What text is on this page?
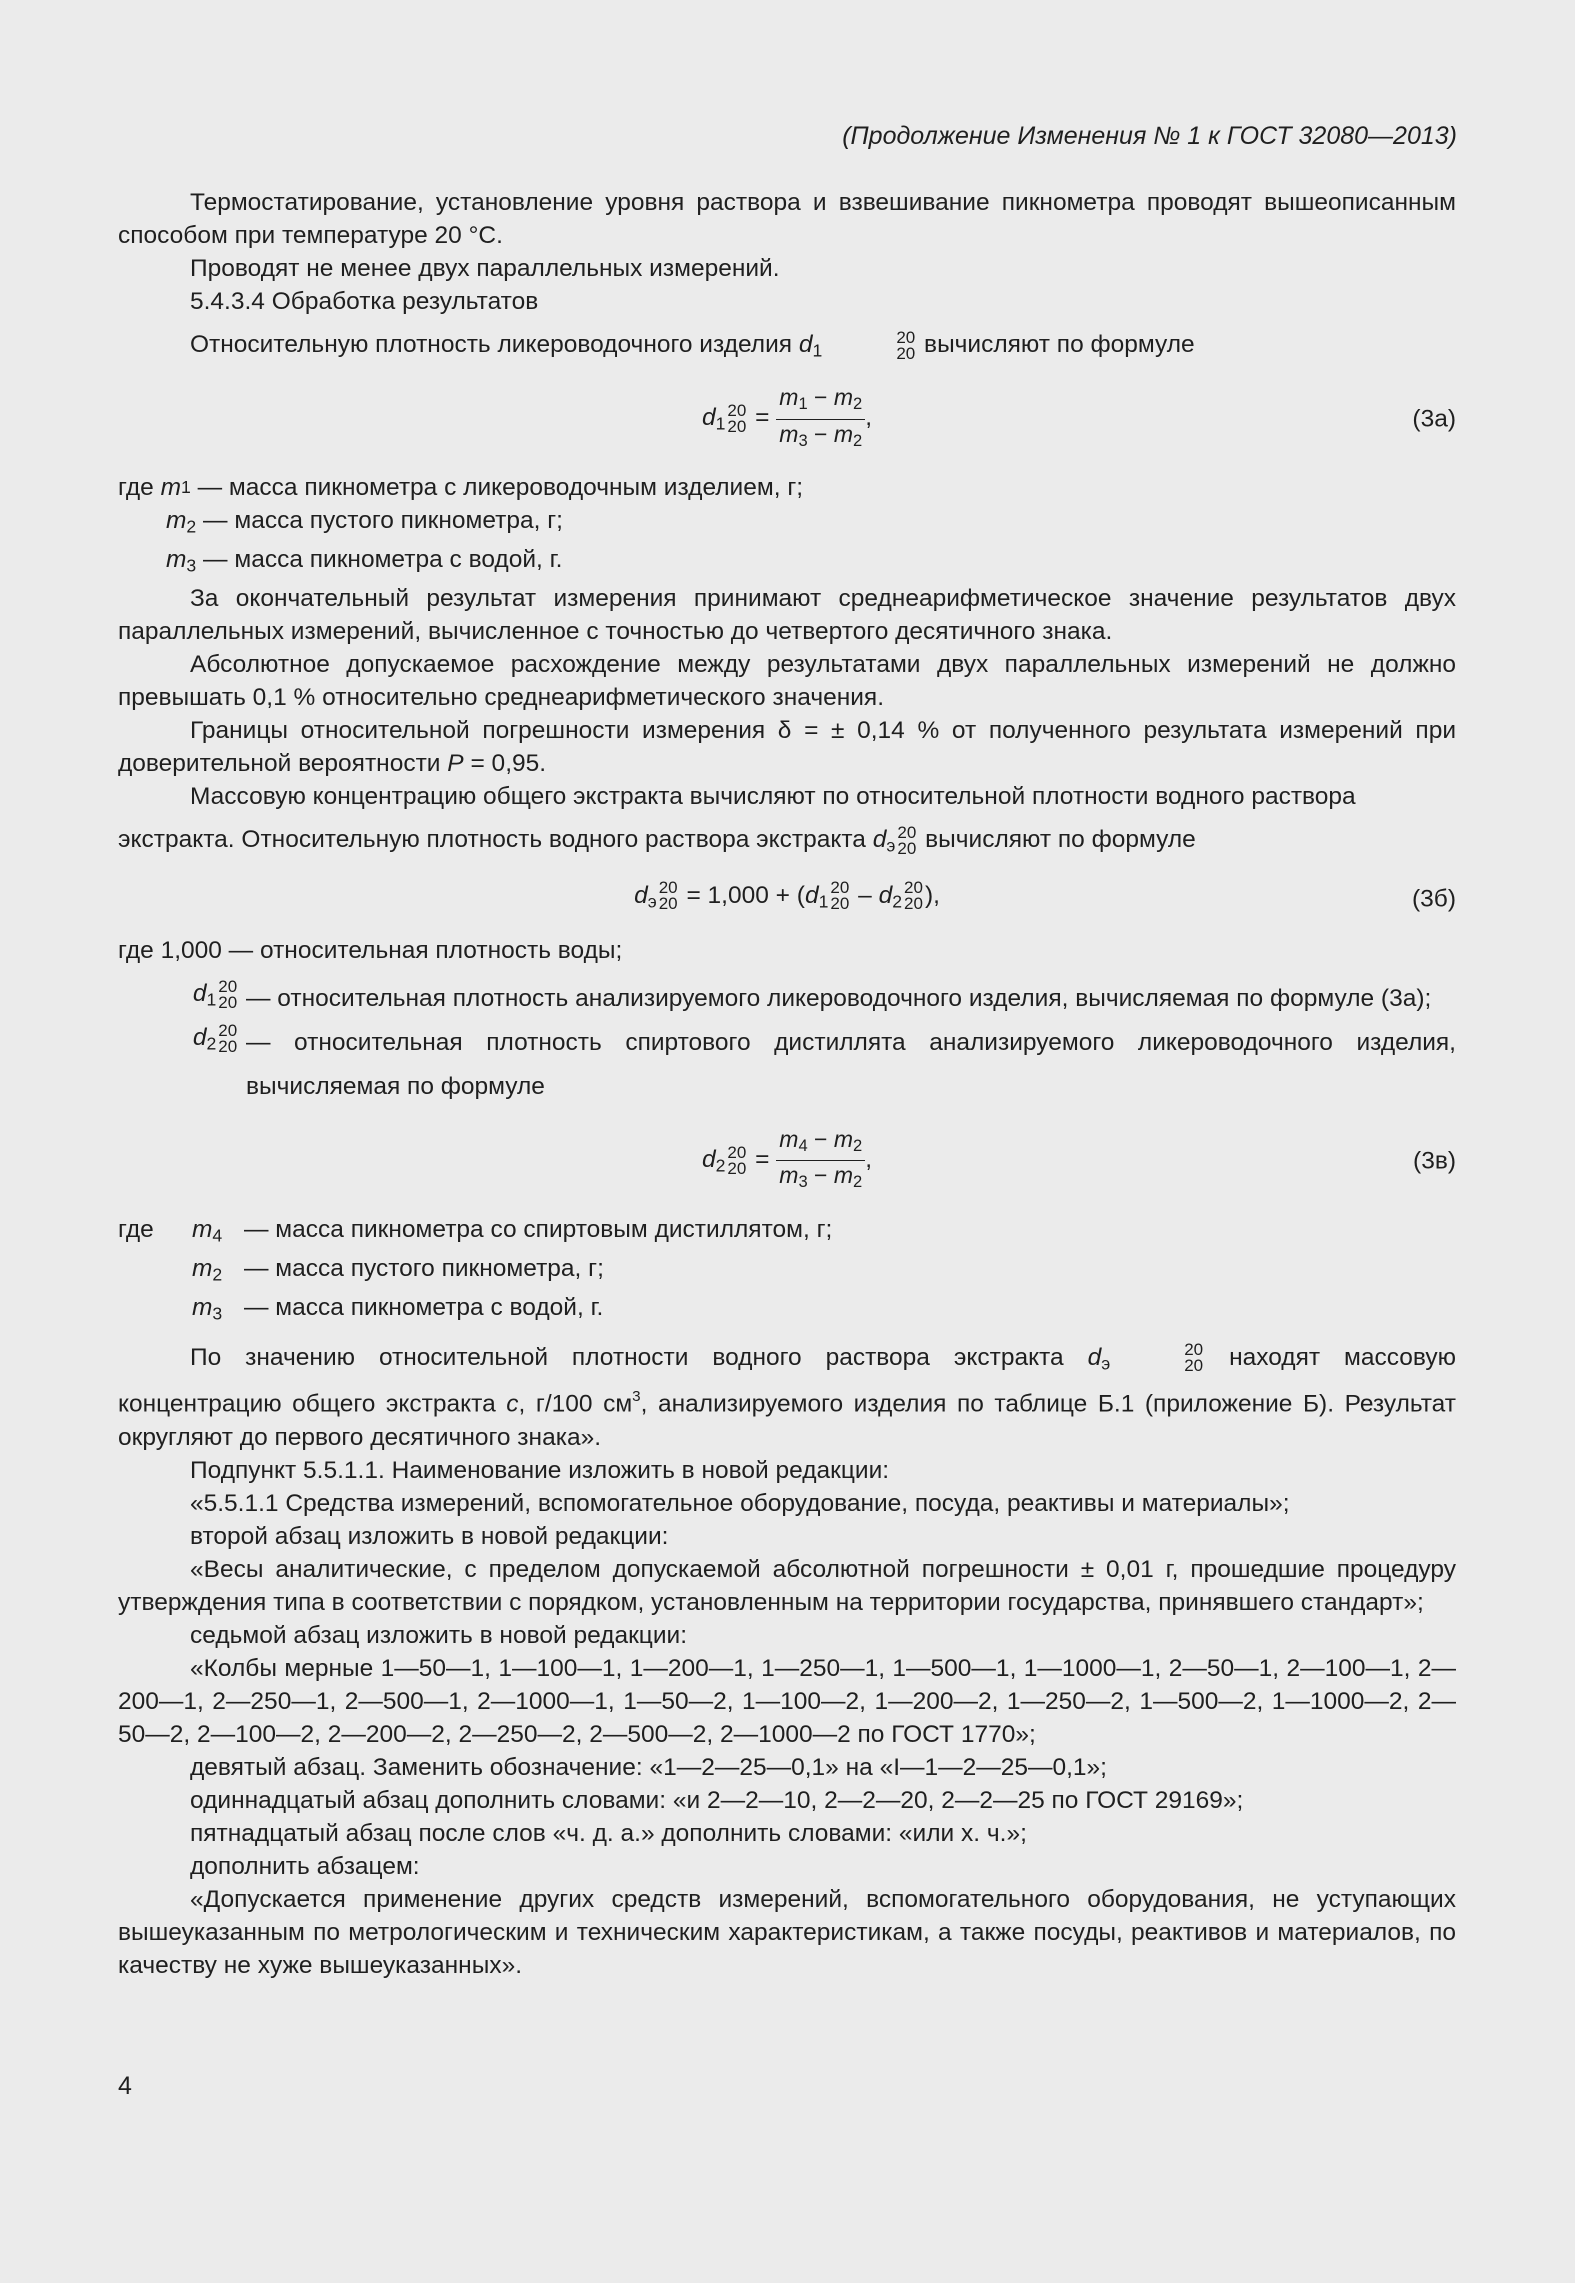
(Продолжение Изменения № 1 к ГОСТ 32080—2013)

Термостатирование, установление уровня раствора и взвешивание пикнометра проводят вышеописанным способом при температуре 20 °С.

Проводят не менее двух параллельных измерений.

5.4.3.4 Обработка результатов

Относительную плотность ликероводочного изделия $d_1$
20
20 вычисляют по формуле

$d_1$
20
$20 = \frac{m_1 - m_2}{m_3 - m_2}$ ,	(3а)
где
m 1
— масса пикнометра с ликероводочным изделием, г;
$m_2$ — масса пустого пикнометра, г;
$m_3$ — масса пикнометра с водой, г.

За окончательный результат измерения принимают среднеарифметическое значение результатов двух параллельных измерений, вычисленное с точностью до четвертого десятичного знака.

Абсолютное допускаемое расхождение между результатами двух параллельных измерений не должно превышать 0,1 % относительно среднеарифметического значения.

Границы относительной погрешности измерения δ = ± 0,14 % от полученного результата измерений при доверительной вероятности P = 0,95.

Массовую концентрацию общего экстракта вычисляют по относительной плотности водного раствора

экстракта. Относительную плотность водного раствора экстракта $d_э$
20
20 вычисляют по формуле

$d_э$
20
$20 = 1,000 + (d_1$
20
$20 - d_2$
20
20 ),	(3б)

где 1,000 — относительная плотность воды;

$d_1$
20
20
— относительная плотность анализируемого ликероводочного изделия, вычисляемая по формуле (3а);
$d_2$
20
20
— относительная плотность спиртового дистиллята анализируемого ликероводочного изделия, вычисляемая по формуле
$d_2$
20
$20 = \frac{m_4 - m_2}{m_3 - m_2}$ ,	(3в)
где	$m_4$ — масса пикнометра со спиртовым дистиллятом, г;
$m_2$ — масса пустого пикнометра, г;
$m_3$ — масса пикнометра с водой, г.

По значению относительной плотности водного раствора экстракта $d_э$
20
20 находят массовую концентрацию общего экстракта c, г/100 $см^3$, анализируемого изделия по таблице Б.1 (приложение Б). Результат округляют до первого десятичного знака».

Подпункт 5.5.1.1. Наименование изложить в новой редакции:

«5.5.1.1 Средства измерений, вспомогательное оборудование, посуда, реактивы и материалы»;

второй абзац изложить в новой редакции:

«Весы аналитические, с пределом допускаемой абсолютной погрешности ± 0,01 г, прошедшие процедуру утверждения типа в соответствии с порядком, установленным на территории государства, принявшего стандарт»;

седьмой абзац изложить в новой редакции:

«Колбы мерные 1—50—1, 1—100—1, 1—200—1, 1—250—1, 1—500—1, 1—1000—1, 2—50—1, 2—100—1, 2—200—1, 2—250—1, 2—500—1, 2—1000—1, 1—50—2, 1—100—2, 1—200—2, 1—250—2, 1—500—2, 1—1000—2, 2—50—2, 2—100—2, 2—200—2, 2—250—2, 2—500—2, 2—1000—2 по ГОСТ 1770»;

девятый абзац. Заменить обозначение: «1—2—25—0,1» на «I—1—2—25—0,1»;

одиннадцатый абзац дополнить словами: «и 2—2—10, 2—2—20, 2—2—25 по ГОСТ 29169»;

пятнадцатый абзац после слов «ч. д. а.» дополнить словами: «или х. ч.»;

дополнить абзацем:

«Допускается применение других средств измерений, вспомогательного оборудования, не уступающих вышеуказанным по метрологическим и техническим характеристикам, а также посуды, реактивов и материалов, по качеству не хуже вышеуказанных».

4
